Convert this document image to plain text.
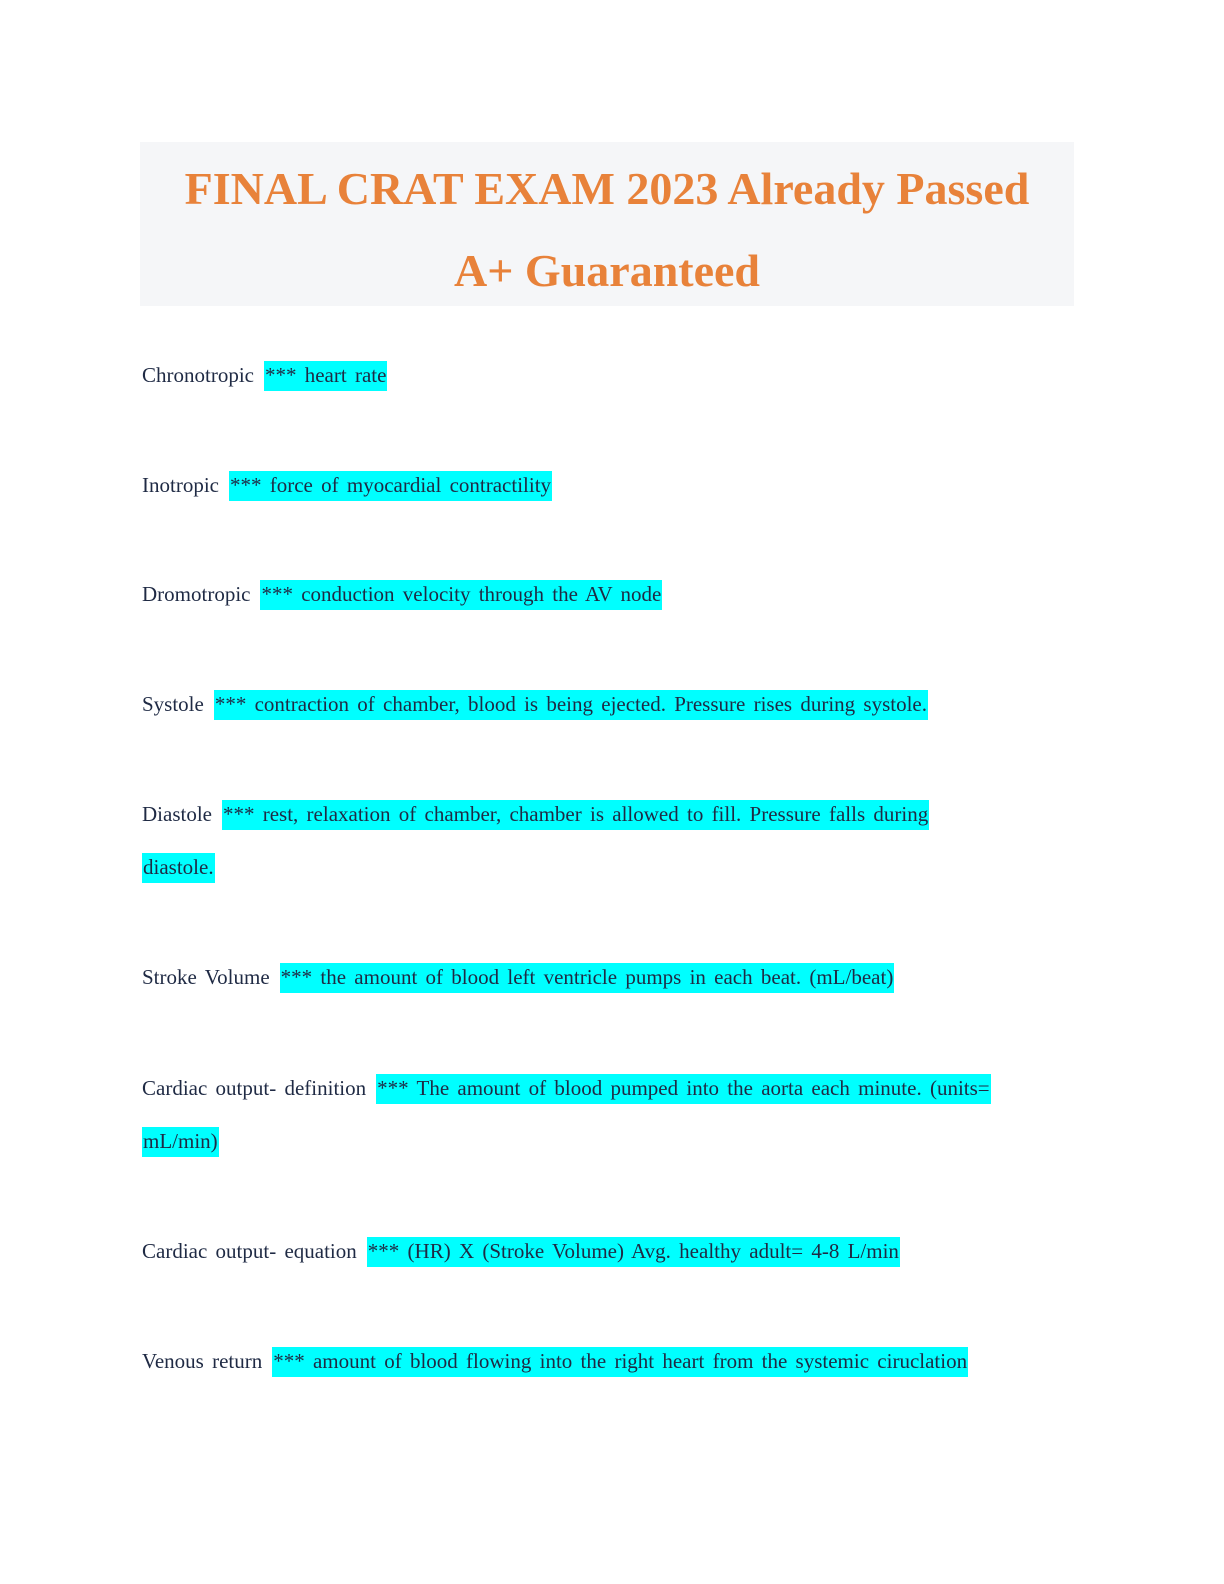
FINAL CRAT EXAM 2023 Already Passed
A+ Guaranteed
Chronotropic *** heart rate
Inotropic *** force of myocardial contractility
Dromotropic *** conduction velocity through the AV node
Systole *** contraction of chamber, blood is being ejected. Pressure rises during systole.
Diastole *** rest, relaxation of chamber, chamber is allowed to fill. Pressure falls during diastole.
Stroke Volume *** the amount of blood left ventricle pumps in each beat. (mL/beat)
Cardiac output- definition *** The amount of blood pumped into the aorta each minute. (units= mL/min)
Cardiac output- equation *** (HR) X (Stroke Volume) Avg. healthy adult= 4-8 L/min
Venous return *** amount of blood flowing into the right heart from the systemic ciruclation
